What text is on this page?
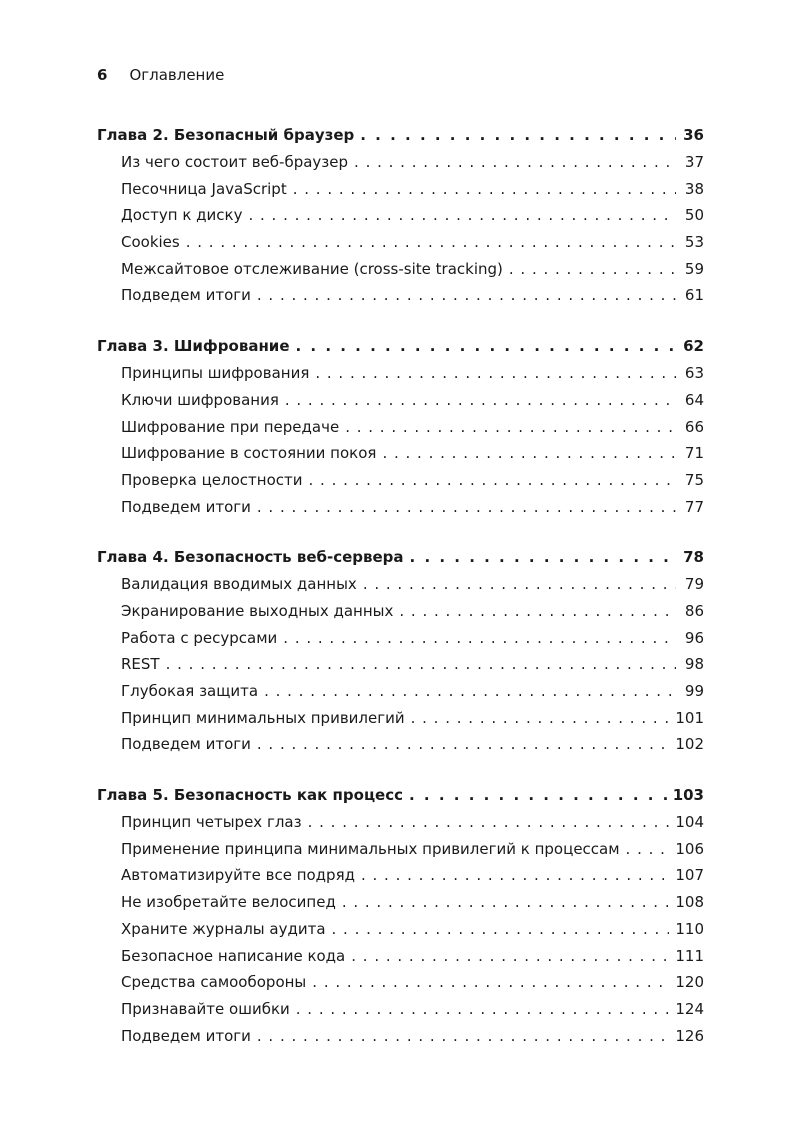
6 Оглавление
Глава 2. Безопасный браузер . . .	36
Из чего состоит веб-браузер . . .	37
Песочница JavaScript . . .	38
Доступ к диску . . .	50
Cookies . . .	53
Межсайтовое отслеживание (cross-site tracking) . . .	59
Подведем итоги . . .	61
Глава 3. Шифрование . . .	62
Принципы шифрования . . .	63
Ключи шифрования . . .	64
Шифрование при передаче . . .	66
Шифрование в состоянии покоя . . .	71
Проверка целостности . . .	75
Подведем итоги . . .	77
Глава 4. Безопасность веб-сервера . . .	78
Валидация вводимых данных . . .	79
Экранирование выходных данных . . .	86
Работа с ресурсами . . .	96
REST . . .	98
Глубокая защита . . .	99
Принцип минимальных привилегий . . .	101
Подведем итоги . . .	102
Глава 5. Безопасность как процесс . . .	103
Принцип четырех глаз . . .	104
Применение принципа минимальных привилегий к процессам . . .	106
Автоматизируйте все подряд . . .	107
Не изобретайте велосипед . . .	108
Храните журналы аудита . . .	110
Безопасное написание кода . . .	111
Средства самообороны . . .	120
Признавайте ошибки . . .	124
Подведем итоги . . .	126
